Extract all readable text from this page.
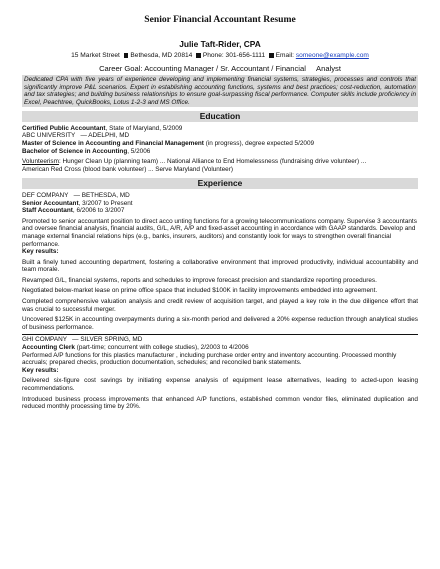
Senior Financial Accountant Resume
Julie Taft-Rider, CPA
15 Market Street Bethesda, MD 20814 Phone: 301-656-1111 Email: someone@example.com
Career Goal: Accounting Manager / Sr. Accountant / Financial     Analyst
Dedicated CPA with five years of experience developing and implementing financial systems, strategies, processes and controls that significantly improve P&L scenarios. Expert in establishing accounting functions, systems and best practices; cost-reduction, automation and tax strategies; and building business relationships to ensure goal-surpassing fiscal performance. Computer skills include proficiency in Excel, Peachtree, QuickBooks, Lotus 1-2-3 and MS Office.
Education
Certified Public Accountant, State of Maryland, 5/2009
ABC UNIVERSITY   — ADELPHI, MD
Master of Science in Accounting and Financial Management (in progress), degree expected 5/2009
Bachelor of Science in Accounting, 5/2006
Volunteerism: Hunger Clean Up (planning team) ... National Alliance to End Homelessness (fundraising drive volunteer) ...
American Red Cross (blood bank volunteer) ... Serve Maryland (Volunteer)
Experience
DEF COMPANY   — BETHESDA, MD
Senior Accountant, 3/2007 to Present
Staff Accountant, 6/2006 to 3/2007
Promoted to senior accountant position to direct acco unting functions for a growing telecommunications company. Supervise 3 accountants and oversee financial analysis, financial audits, G/L, A/R, A/P and fixed-asset accounting in accordance with GAAP standards. Develop and manage external financial relations hips (e.g., banks, insurers, auditors) and constantly look for ways to strengthen overall financial performance.
Key results:
Built a finely tuned accounting department, fostering a collaborative environment that improved productivity, individual accountability and team morale.
Revamped G/L, financial systems, reports and schedules to improve forecast precision and standardize reporting procedures.
Negotiated below-market lease on prime office space that included $100K in facility improvements embedded into agreement.
Completed comprehensive valuation analysis and credit review of acquisition target, and played a key role in the due diligence effort that was crucial to successful merger.
Uncovered $125K in accounting overpayments during a six-month period and delivered a 20% expense reduction through analytical studies of business performance.
GHI COMPANY   — SILVER SPRING, MD
Accounting Clerk (part-time; concurrent with college studies), 2/2003 to 4/2006
Performed A/P functions for this plastics manufacturer , including purchase order entry and inventory accounting. Processed monthly accruals; prepared checks, production documentation, schedules; and reconciled bank statements.
Key results:
Delivered six-figure cost savings by initiating expense analysis of equipment lease alternatives, leading to acted-upon leasing recommendations.
Introduced business process improvements that enhanced A/P functions, established common vendor files, eliminated duplication and reduced monthly processing time by 20%.
